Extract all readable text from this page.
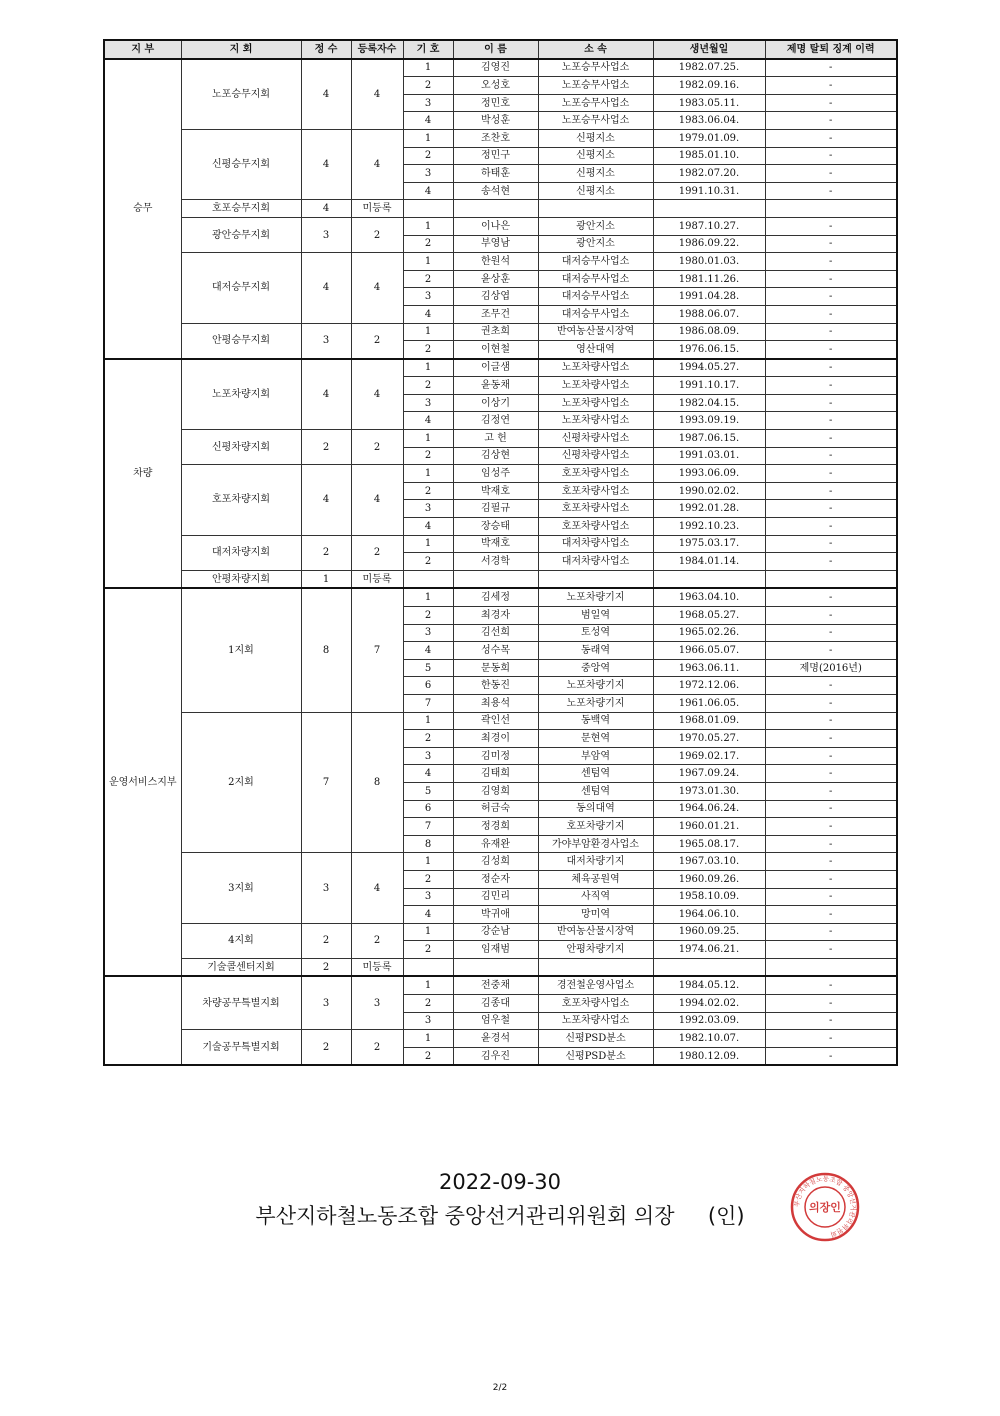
지 부	지 회	정 수	등록자수	기 호	이 름	소 속	생년월일	제명 탈퇴 징계 이력
승무	노포승무지회	4	4	1	김영진	노포승무사업소	1982.07.25.	-
				2	오성호	노포승무사업소	1982.09.16.	-
				3	정민호	노포승무사업소	1983.05.11.	-
				4	박성훈	노포승무사업소	1983.06.04.	-
	신평승무지회	4	4	1	조찬호	신평지소	1979.01.09.	-
				2	정민구	신평지소	1985.01.10.	-
				3	하태훈	신평지소	1982.07.20.	-
				4	송석현	신평지소	1991.10.31.	-
	호포승무지회	4	미등록					
	광안승무지회	3	2	1	이나은	광안지소	1987.10.27.	-
				2	부영남	광안지소	1986.09.22.	-
	대저승무지회	4	4	1	한원석	대저승무사업소	1980.01.03.	-
				2	윤상훈	대저승무사업소	1981.11.26.	-
				3	김상엽	대저승무사업소	1991.04.28.	-
				4	조무건	대저승무사업소	1988.06.07.	-
	안평승무지회	3	2	1	권초희	반여농산물시장역	1986.08.09.	-
				2	이현철	영산대역	1976.06.15.	-
차량	노포차량지회	4	4	1	이글샘	노포차량사업소	1994.05.27.	-
				2	윤동채	노포차량사업소	1991.10.17.	-
				3	이상기	노포차량사업소	1982.04.15.	-
				4	김정연	노포차량사업소	1993.09.19.	-
	신평차량지회	2	2	1	고 헌	신평차량사업소	1987.06.15.	-
				2	김상현	신평차량사업소	1991.03.01.	-
	호포차량지회	4	4	1	임성주	호포차량사업소	1993.06.09.	-
				2	박재호	호포차량사업소	1990.02.02.	-
				3	김필규	호포차량사업소	1992.01.28.	-
				4	장승태	호포차량사업소	1992.10.23.	-
	대저차량지회	2	2	1	박재호	대저차량사업소	1975.03.17.	-
				2	서경학	대저차량사업소	1984.01.14.	-
	안평차량지회	1	미등록					
운영서비스지부	1지회	8	7	1	김세정	노포차량기지	1963.04.10.	-
				2	최경자	범일역	1968.05.27.	-
				3	김선희	토성역	1965.02.26.	-
				4	성수목	동래역	1966.05.07.	-
				5	문동희	중앙역	1963.06.11.	제명(2016년)
				6	한동진	노포차량기지	1972.12.06.	-
				7	최용석	노포차량기지	1961.06.05.	-
	2지회	7	8	1	곽인선	동백역	1968.01.09.	-
				2	최경이	문현역	1970.05.27.	-
				3	김미정	부암역	1969.02.17.	-
				4	김태희	센텀역	1967.09.24.	-
				5	김영희	센텀역	1973.01.30.	-
				6	허금숙	동의대역	1964.06.24.	-
				7	정경희	호포차량기지	1960.01.21.	-
				8	유재완	가야부암환경사업소	1965.08.17.	-
	3지회	3	4	1	김성희	대저차량기지	1967.03.10.	-
				2	정순자	체육공원역	1960.09.26.	-
				3	김민리	사직역	1958.10.09.	-
				4	박귀애	망미역	1964.06.10.	-
	4지회	2	2	1	강순남	반여농산물시장역	1960.09.25.	-
				2	임재범	안평차량기지	1974.06.21.	-
	기술콜센터지회	2	미등록					
	차량공무특별지회	3	3	1	전중채	경전철운영사업소	1984.05.12.	-
				2	김종대	호포차량사업소	1994.02.02.	-
				3	엄우철	노포차량사업소	1992.03.09.	-
	기술공무특별지회	2	2	1	윤경석	신평PSD분소	1982.10.07.	-
				2	김우진	신평PSD분소	1980.12.09.	-
2022-09-30
부산지하철노동조합 중앙선거관리위원회 의장 (인)
부산지하철노동조합 중앙선거관리위원회
의장인
2/2
